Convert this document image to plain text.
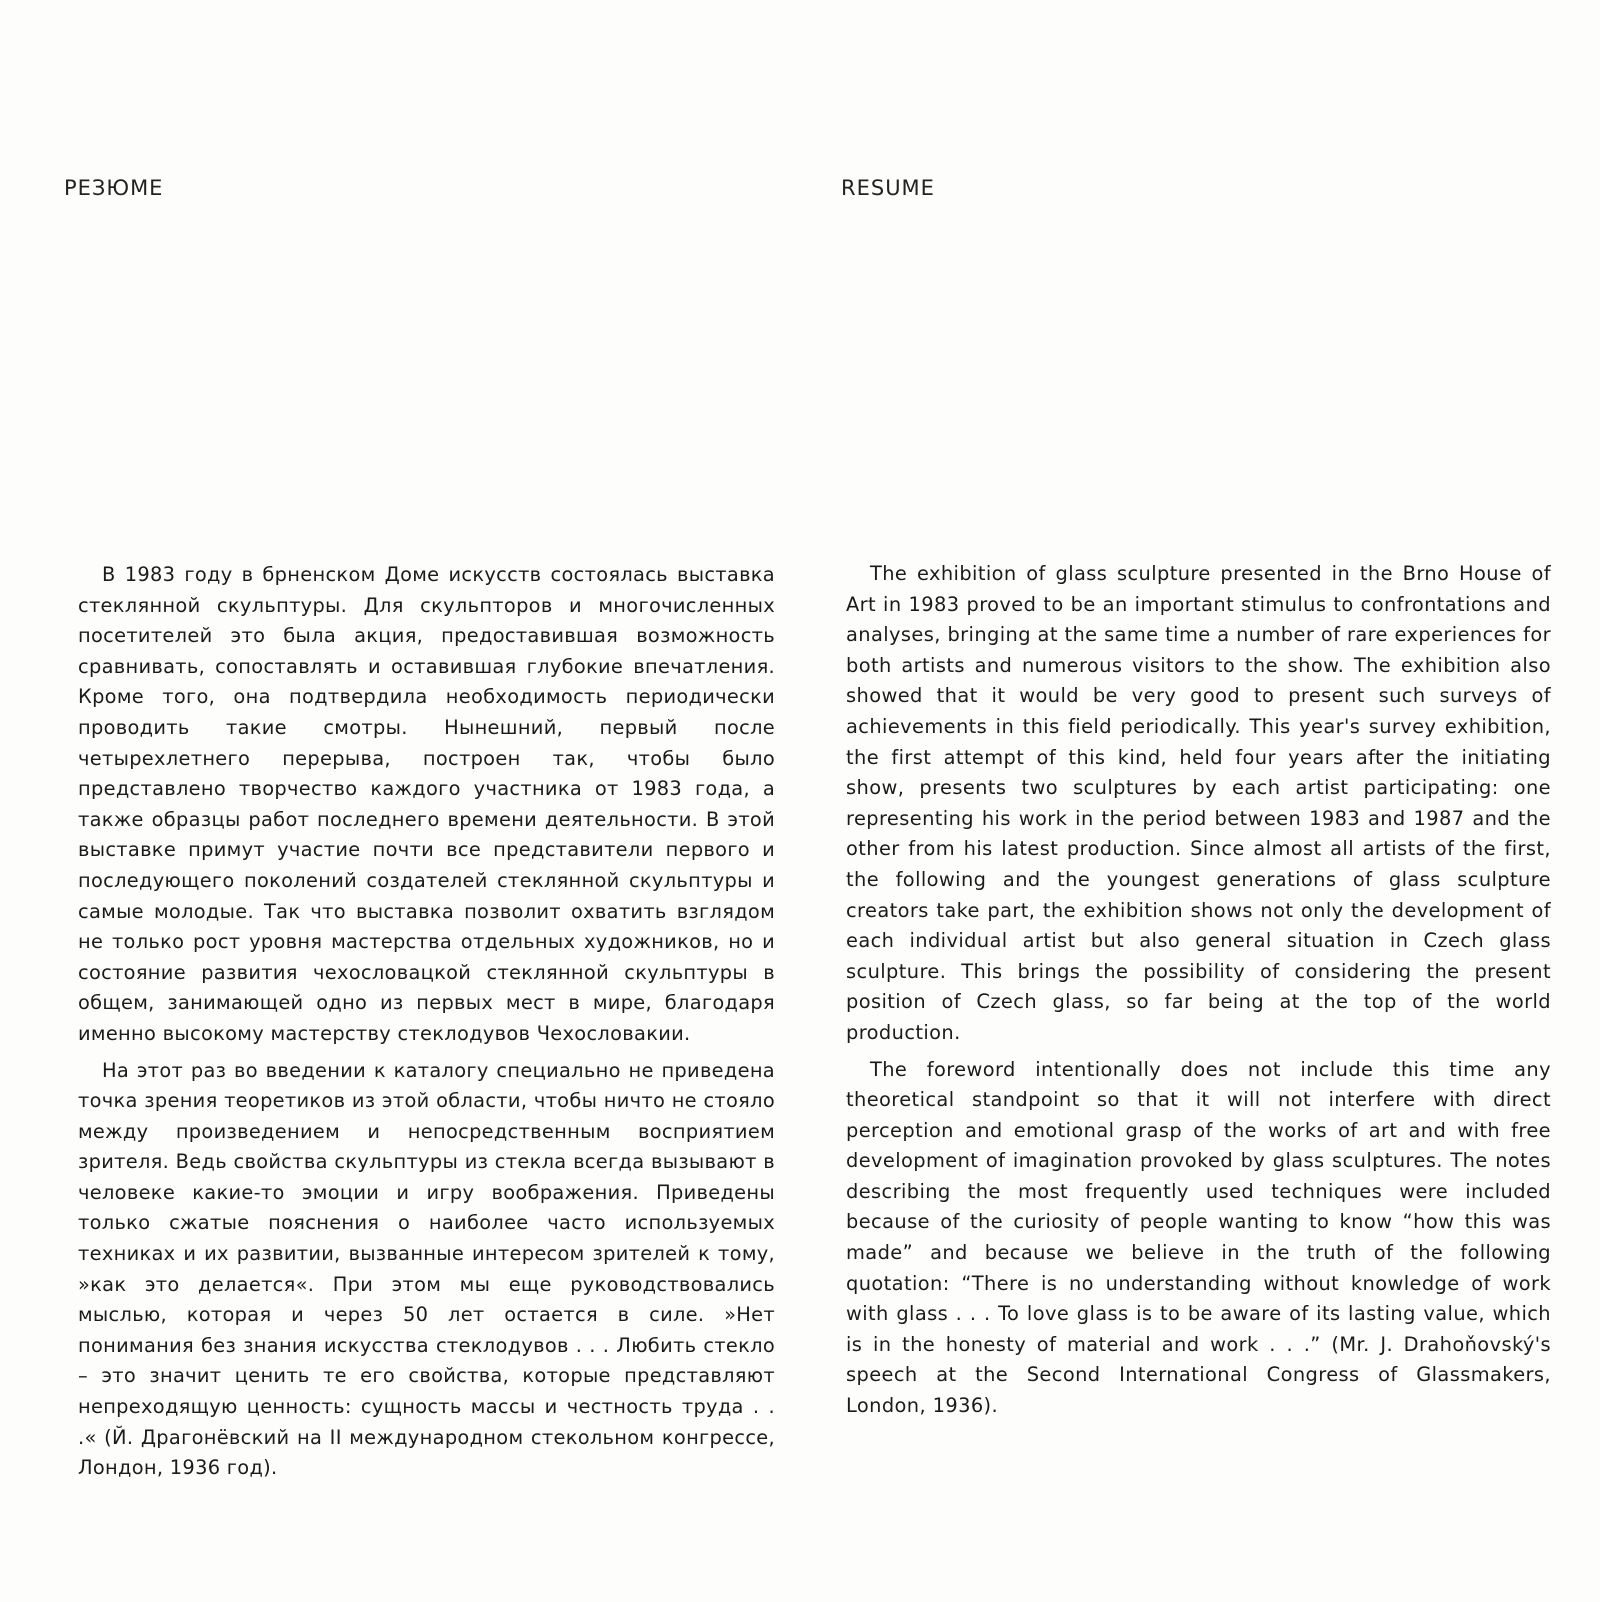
РЕЗЮМЕ	RESUME

В 1983 году в брненском Доме искусств состоялась выставка стеклянной скульптуры. Для скульпторов и многочисленных посетителей это была акция, предоставившая возможность сравнивать, сопоставлять и оставившая глубокие впечатления. Кроме того, она подтвердила необходимость периодически проводить такие смотры. Нынешний, первый после четырехлетнего перерыва, построен так, чтобы было представлено творчество каждого участника от 1983 года, а также образцы работ последнего времени деятельности. В этой выставке примут участие почти все представители первого и последующего поколений создателей стеклянной скульптуры и самые молодые. Так что выставка позволит охватить взглядом не только рост уровня мастерства отдельных художников, но и состояние развития чехословацкой стеклянной скульптуры в общем, занимающей одно из первых мест в мире, благодаря именно высокому мастерству стеклодувов Чехословакии.

На этот раз во введении к каталогу специально не приведена точка зрения теоретиков из этой области, чтобы ничто не стояло между произведением и непосредственным восприятием зрителя. Ведь свойства скульптуры из стекла всегда вызывают в человеке какие-то эмоции и игру воображения. Приведены только сжатые пояснения о наиболее часто используемых техниках и их развитии, вызванные интересом зрителей к тому, »как это делается«. При этом мы еще руководствовались мыслью, которая и через 50 лет остается в силе. »Нет понимания без знания искусства стеклодувов . . . Любить стекло – это значит ценить те его свойства, которые представляют непреходящую ценность: сущность массы и честность труда . . .« (Й. Драгонёвский на II международном стекольном конгрессе, Лондон, 1936 год).

The exhibition of glass sculpture presented in the Brno House of Art in 1983 proved to be an important stimulus to confrontations and analyses, bringing at the same time a number of rare experiences for both artists and numerous visitors to the show. The exhibition also showed that it would be very good to present such surveys of achievements in this field periodically. This year's survey exhibition, the first attempt of this kind, held four years after the initiating show, presents two sculptures by each artist participating: one representing his work in the period between 1983 and 1987 and the other from his latest production. Since almost all artists of the first, the following and the youngest generations of glass sculpture creators take part, the exhibition shows not only the development of each individual artist but also general situation in Czech glass sculpture. This brings the possibility of considering the present position of Czech glass, so far being at the top of the world production.

The foreword intentionally does not include this time any theoretical standpoint so that it will not interfere with direct perception and emotional grasp of the works of art and with free development of imagination provoked by glass sculptures. The notes describing the most frequently used techniques were included because of the curiosity of people wanting to know “how this was made” and because we believe in the truth of the following quotation: “There is no understanding without knowledge of work with glass . . . To love glass is to be aware of its lasting value, which is in the honesty of material and work . . .” (Mr. J. Drahoňovský's speech at the Second International Congress of Glassmakers, London, 1936).
